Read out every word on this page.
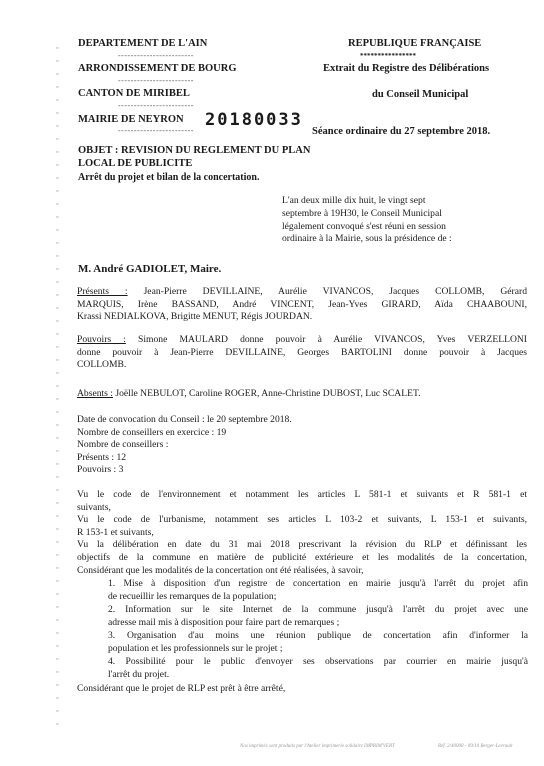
▫
▫
▫
▫
▫
▫
▫
▫
▫
▫
▫
▫
▫
▫
▫
▫
▫
▫
▫
▫
▫
▫
▫
▫
▫
▫
▫
▫
▫
▫
▫
▫
▫
▫
▫
▫
▫
▫
▫
▫
▫
▫
▫
▫
▫
▫
▫
▫
▫
▫
▫
▫
▫
DEPARTEMENT DE L'AIN
------------------------
ARRONDISSEMENT DE BOURG
------------------------
CANTON DE MIRIBEL
------------------------
MAIRIE DE NEYRON
------------------------
20180033
REPUBLIQUE FRANÇAISE
****************
Extrait du Registre des Délibérations
du Conseil Municipal
Séance ordinaire du 27 septembre 2018.
OBJET : REVISION DU REGLEMENT DU PLAN
LOCAL DE PUBLICITE
Arrêt du projet et bilan de la concertation.
L'an deux mille dix huit, le vingt sept
septembre à 19H30, le Conseil Municipal
légalement convoqué s'est réuni en session
ordinaire à la Mairie, sous la présidence de :
M. André GADIOLET, Maire.
Présents : Jean-Pierre DEVILLAINE, Aurélie VIVANCOS, Jacques COLLOMB, Gérard
MARQUIS, Irène BASSAND, André VINCENT, Jean-Yves GIRARD, Aïda CHAABOUNI,
Krassi NEDIALKOVA, Brigitte MENUT, Régis JOURDAN.
Pouvoirs : Simone MAULARD donne pouvoir à Aurélie VIVANCOS, Yves VERZELLONI
donne pouvoir à Jean-Pierre DEVILLAINE, Georges BARTOLINI donne pouvoir à Jacques
COLLOMB.
Absents : Joëlle NEBULOT, Caroline ROGER, Anne-Christine DUBOST, Luc SCALET.
Date de convocation du Conseil : le 20 septembre 2018.
Nombre de conseillers en exercice : 19
Nombre de conseillers :
Présents : 12
Pouvoirs : 3
Vu le code de l'environnement et notamment les articles L 581-1 et suivants et R 581-1 et
suivants,
Vu le code de l'urbanisme, notamment ses articles L 103-2 et suivants, L 153-1 et suivants,
R 153-1 et suivants,
Vu la délibération en date du 31 mai 2018 prescrivant la révision du RLP et définissant les
objectifs de la commune en matière de publicité extérieure et les modalités de la concertation,
Considérant que les modalités de la concertation ont été réalisées, à savoir,
1. Mise à disposition d'un registre de concertation en mairie jusqu'à l'arrêt du projet afin
de recueillir les remarques de la population;
2. Information sur le site Internet de la commune jusqu'à l'arrêt du projet avec une
adresse mail mis à disposition pour faire part de remarques ;
3. Organisation d'au moins une réunion publique de concertation afin d'informer la
population et les professionnels sur le projet ;
4. Possibilité pour le public d'envoyer ses observations par courrier en mairie jusqu'à
l'arrêt du projet.
Considérant que le projet de RLP est prêt à être arrêté,
Nos imprimés sont produits par l'Atelier imprimerie solidaire IMPRIM'VERT	Réf. 2/40008 - 09/10 Berger-Levrault
